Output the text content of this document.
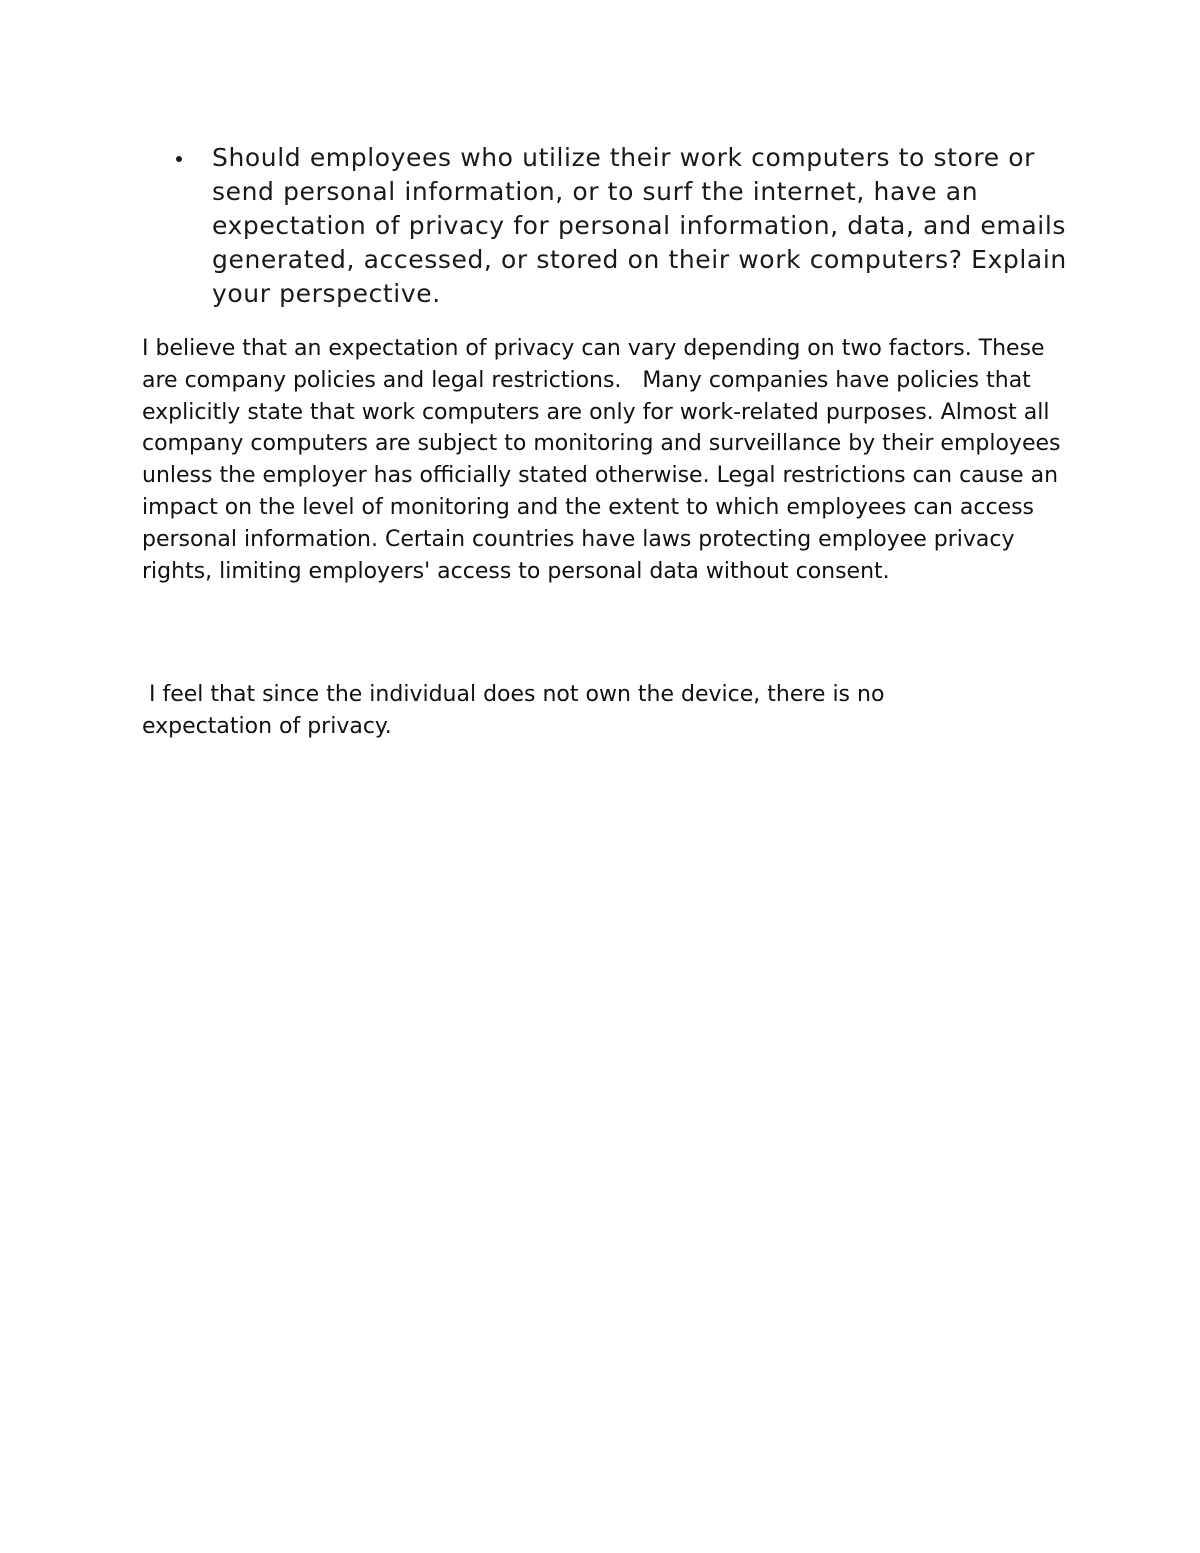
Should employees who utilize their work computers to store or send personal information, or to surf the internet, have an expectation of privacy for personal information, data, and emails generated, accessed, or stored on their work computers? Explain your perspective.

I believe that an expectation of privacy can vary depending on two factors. These are company policies and legal restrictions.   Many companies have policies that explicitly state that work computers are only for work-related purposes. Almost all company computers are subject to monitoring and surveillance by their employees unless the employer has officially stated otherwise. Legal restrictions can cause an impact on the level of monitoring and the extent to which employees can access personal information. Certain countries have laws protecting employee privacy rights, limiting employers' access to personal data without consent.

I feel that since the individual does not own the device, there is no expectation of privacy.
